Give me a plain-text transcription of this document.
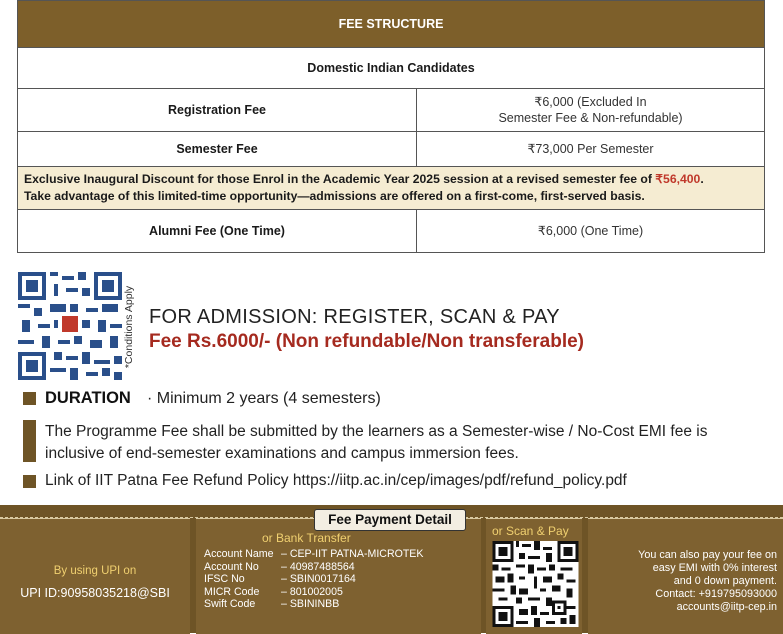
FEE STRUCTURE	
Domestic Indian Candidates	
Registration Fee	₹6,000 (Excluded In
Semester Fee & Non-refundable)

Semester Fee	₹73,000 Per Semester

Exclusive Inaugural Discount for those Enrol in the Academic Year 2025 session at a revised semester fee of ₹56,400.
Take advantage of this limited-time opportunity—admissions are offered on a first-come, first-served basis.	

Alumni Fee (One Time)	₹6,000 (One Time)
*Conditions Apply FOR ADMISSION: REGISTER, SCAN & PAY
Fee Rs.6000/- (Non refundable/Non transferable)
DURATION · Minimum 2 years (4 semesters)
The Programme Fee shall be submitted by the learners as a Semester-wise / No-Cost EMI fee is inclusive of end-semester examinations and campus immersion fees.
Link of IIT Patna Fee Refund Policy https://iitp.ac.in/cep/images/pdf/refund_policy.pdf
Fee Payment Detail
By using UPI on
UPI ID:90958035218@SBI
or Bank Transfer
Account Name – CEP-IIT PATNA-MICROTEK
Account No	– 40987488564
IFSC No	– SBIN0017164
MICR Code	– 801002005
Swift Code	– SBININBB
or Scan & Pay
You can also pay your fee on
easy EMI with 0% interest
and 0 down payment.
Contact: +919795093000
accounts@iitp-cep.in
